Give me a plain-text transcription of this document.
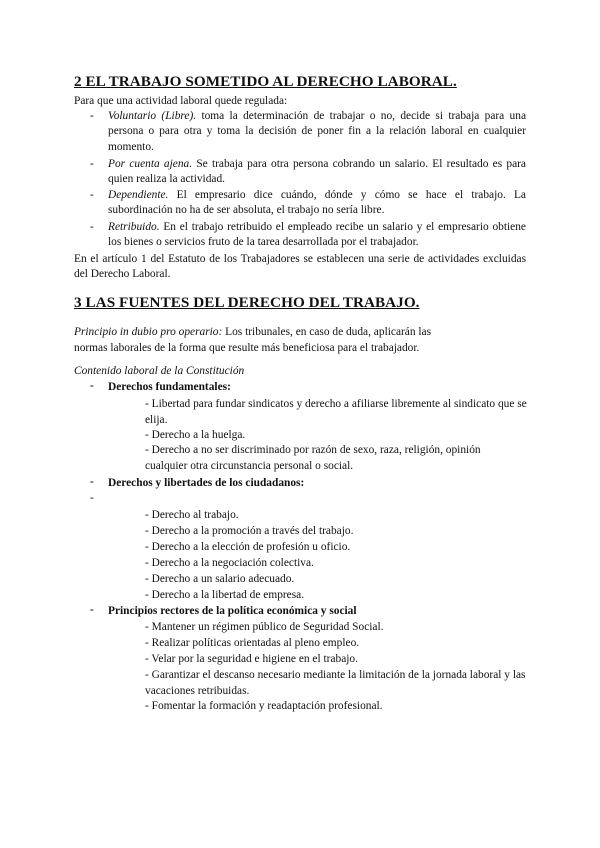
2 EL TRABAJO SOMETIDO AL DERECHO LABORAL.
Para que una actividad laboral quede regulada:
- Voluntario (Libre). toma la determinación de trabajar o no, decide si trabaja para una persona o para otra y toma la decisión de poner fin a la relación laboral en cualquier momento.
- Por cuenta ajena. Se trabaja para otra persona cobrando un salario. El resultado es para quien realiza la actividad.
- Dependiente. El empresario dice cuándo, dónde y cómo se hace el trabajo. La subordinación no ha de ser absoluta, el trabajo no sería libre.
- Retribuido. En el trabajo retribuido el empleado recibe un salario y el empresario obtiene los bienes o servicios fruto de la tarea desarrollada por el trabajador.
En el artículo 1 del Estatuto de los Trabajadores se establecen una serie de actividades excluidas del Derecho Laboral.
3 LAS FUENTES DEL DERECHO DEL TRABAJO.
Principio in dubio pro operario: Los tribunales, en caso de duda, aplicarán las normas laborales de la forma que resulte más beneficiosa para el trabajador.
Contenido laboral de la Constitución
- Derechos fundamentales:
- Libertad para fundar sindicatos y derecho a afiliarse libremente al sindicato que se elija.
- Derecho a la huelga.
- Derecho a no ser discriminado por razón de sexo, raza, religión, opinión cualquier otra circunstancia personal o social.
- Derechos y libertades de los ciudadanos:
-
- Derecho al trabajo.
- Derecho a la promoción a través del trabajo.
- Derecho a la elección de profesión u oficio.
- Derecho a la negociación colectiva.
- Derecho a un salario adecuado.
- Derecho a la libertad de empresa.
- Principios rectores de la política económica y social
- Mantener un régimen público de Seguridad Social.
- Realizar políticas orientadas al pleno empleo.
- Velar por la seguridad e higiene en el trabajo.
- Garantizar el descanso necesario mediante la limitación de la jornada laboral y las vacaciones retribuidas.
- Fomentar la formación y readaptación profesional.
